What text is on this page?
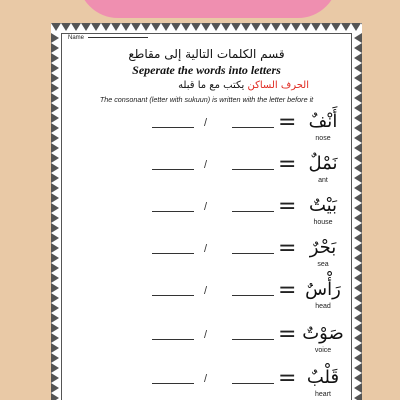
Name
قسم الكلمات التالية إلى مقاطع
Seperate the words into letters
الحرف الساكن يكتب مع ما قبله
The consonant (letter with sukuun) is written with the letter before it
/	= أَنْفٌ
nose
/	= نَمْلٌ
ant
/	= بَيْتٌ
house
/	= بَحْرٌ
sea
/	= رَأْسٌ
head
/	= صَوْتٌ
voice
/	= قَلْبٌ
heart
